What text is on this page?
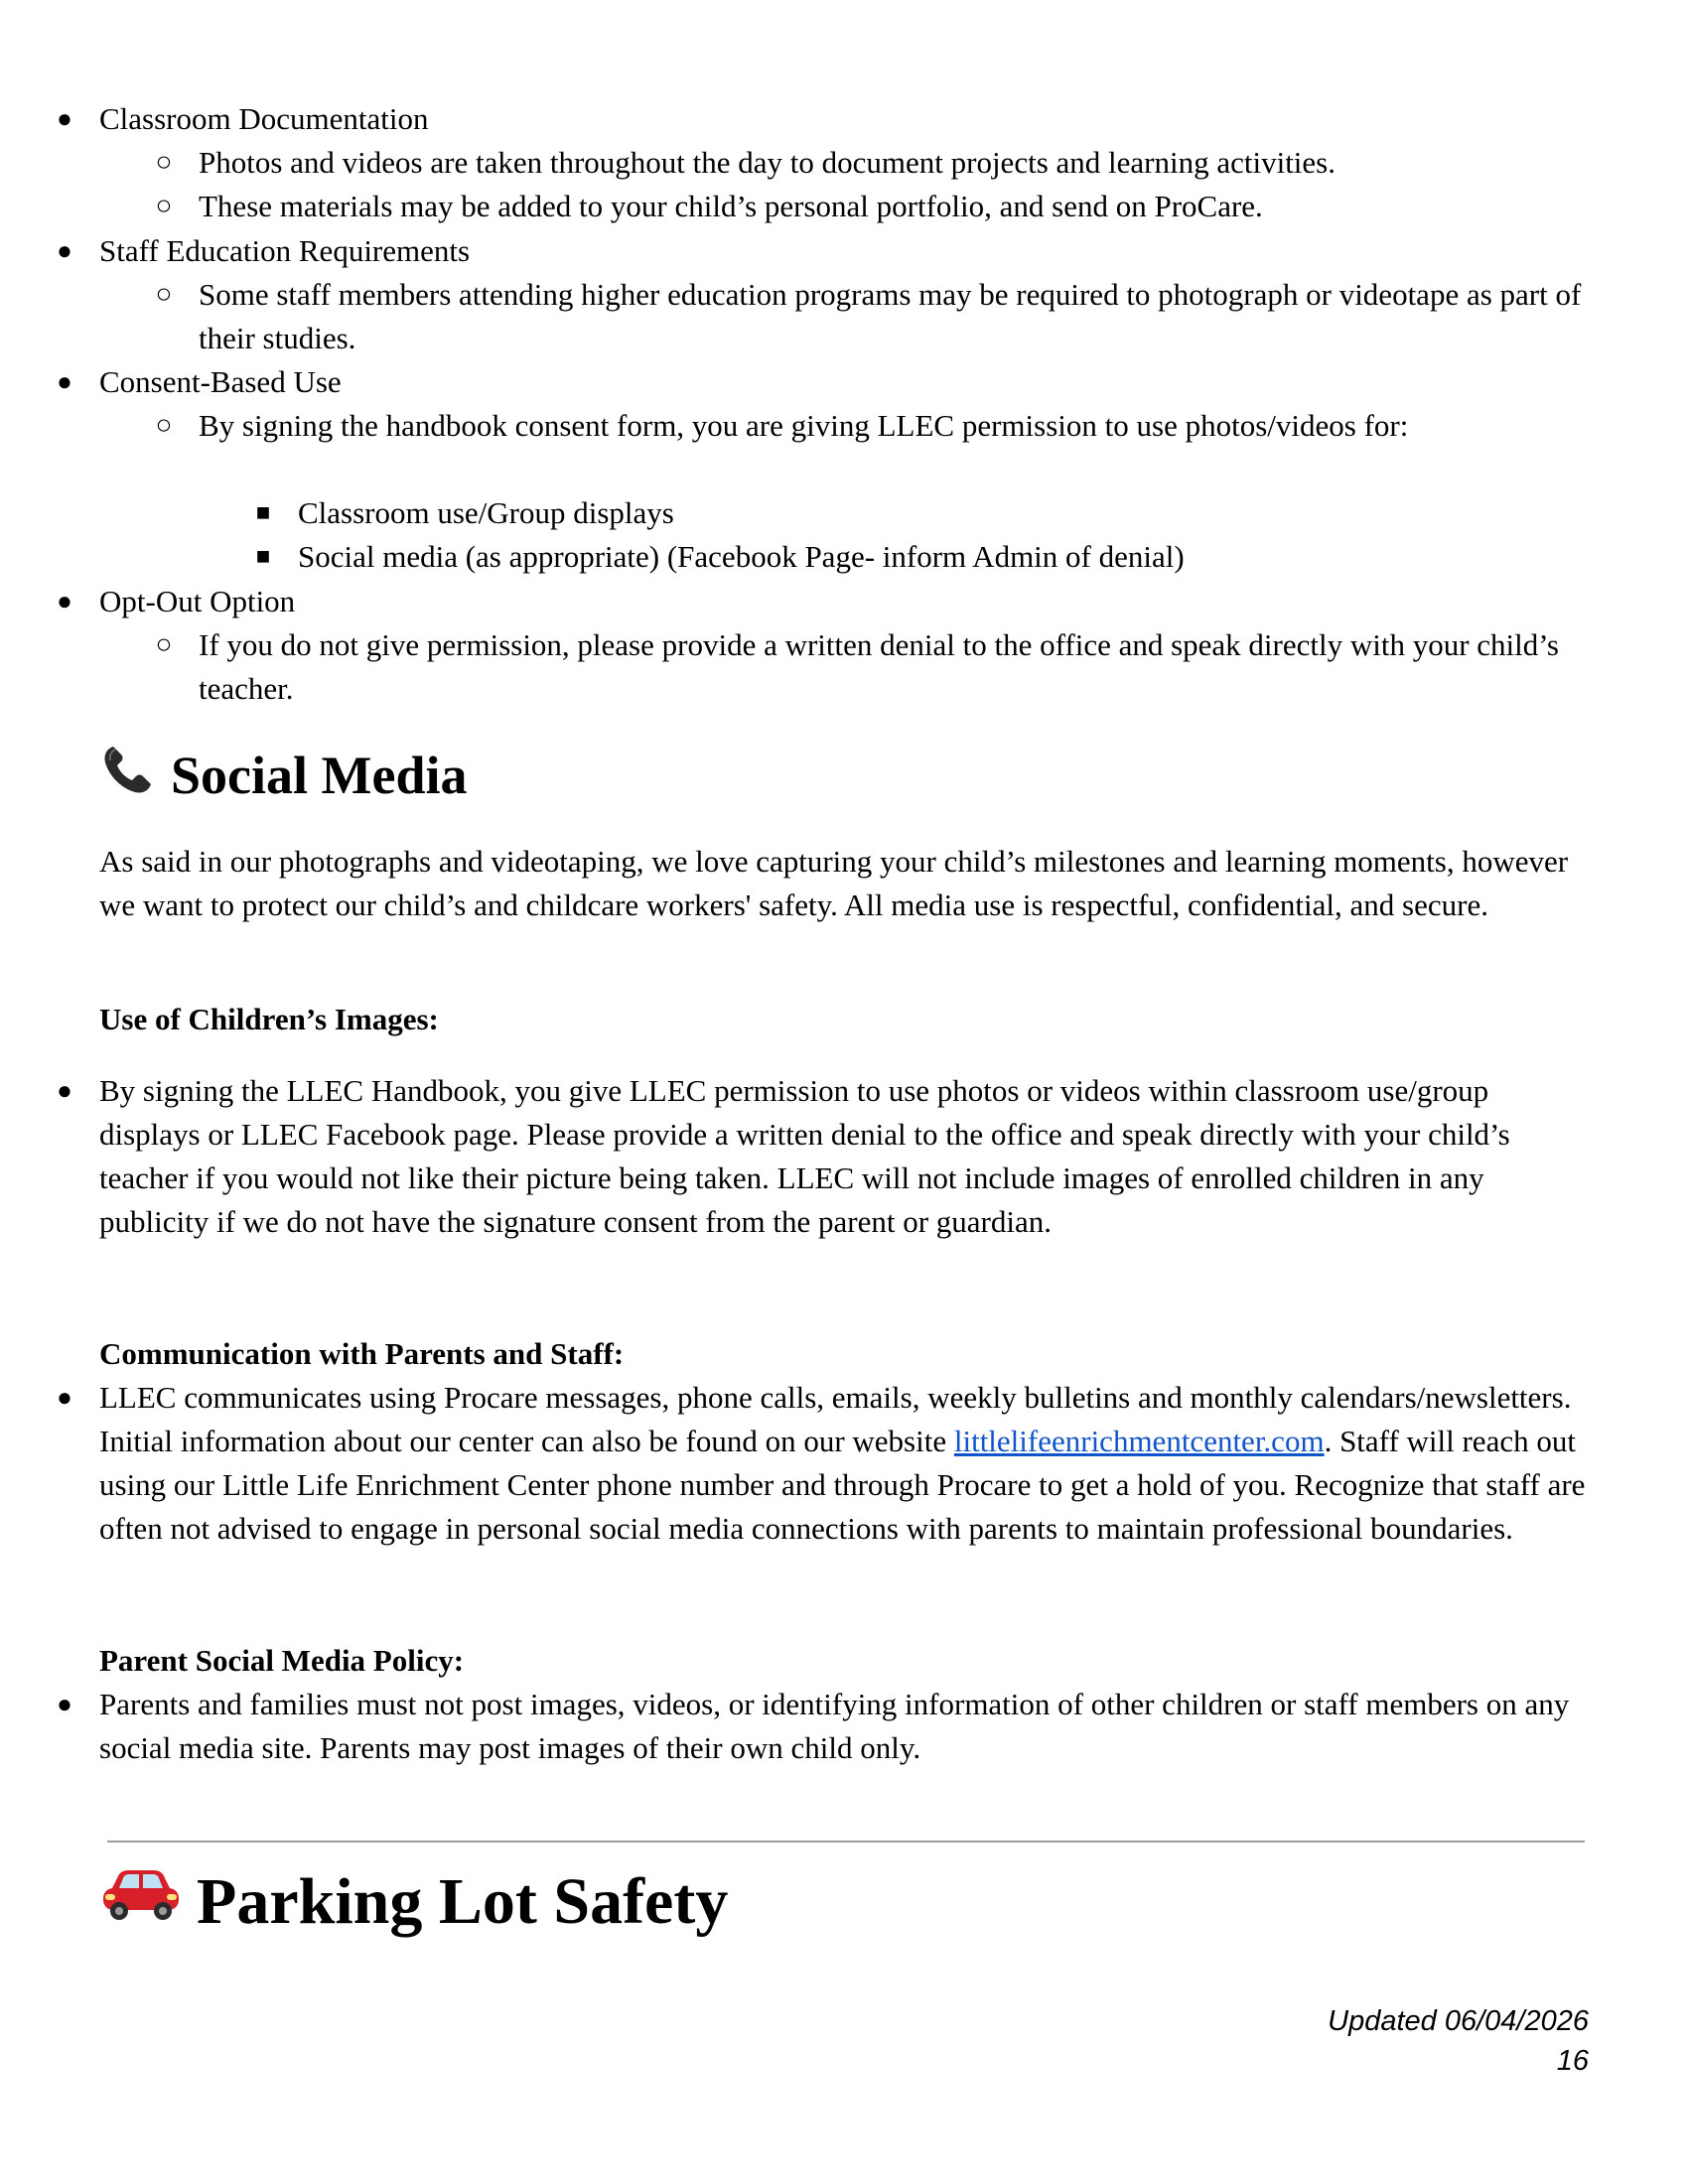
● Classroom Documentation
○ Photos and videos are taken throughout the day to document projects and learning activities.
○ These materials may be added to your child’s personal portfolio, and send on ProCare.
● Staff Education Requirements
○ Some staff members attending higher education programs may be required to photograph or videotape as part of their studies.
● Consent-Based Use
○ By signing the handbook consent form, you are giving LLEC permission to use photos/videos for:
■ Classroom use/Group displays
■ Social media (as appropriate) (Facebook Page- inform Admin of denial)
● Opt-Out Option
○ If you do not give permission, please provide a written denial to the office and speak directly with your child’s teacher.
Social Media
As said in our photographs and videotaping, we love capturing your child’s milestones and learning moments, however we want to protect our child’s and childcare workers' safety. All media use is respectful, confidential, and secure.
Use of Children’s Images:
● By signing the LLEC Handbook, you give LLEC permission to use photos or videos within classroom use/group displays or LLEC Facebook page. Please provide a written denial to the office and speak directly with your child’s teacher if you would not like their picture being taken. LLEC will not include images of enrolled children in any publicity if we do not have the signature consent from the parent or guardian.
Communication with Parents and Staff:
● LLEC communicates using Procare messages, phone calls, emails, weekly bulletins and monthly calendars/newsletters. Initial information about our center can also be found on our website littlelifeenrichmentcenter.com. Staff will reach out using our Little Life Enrichment Center phone number and through Procare to get a hold of you. Recognize that staff are often not advised to engage in personal social media connections with parents to maintain professional boundaries.
Parent Social Media Policy:
● Parents and families must not post images, videos, or identifying information of other children or staff members on any social media site. Parents may post images of their own child only.
Parking Lot Safety
Updated 06/04/2026
16
